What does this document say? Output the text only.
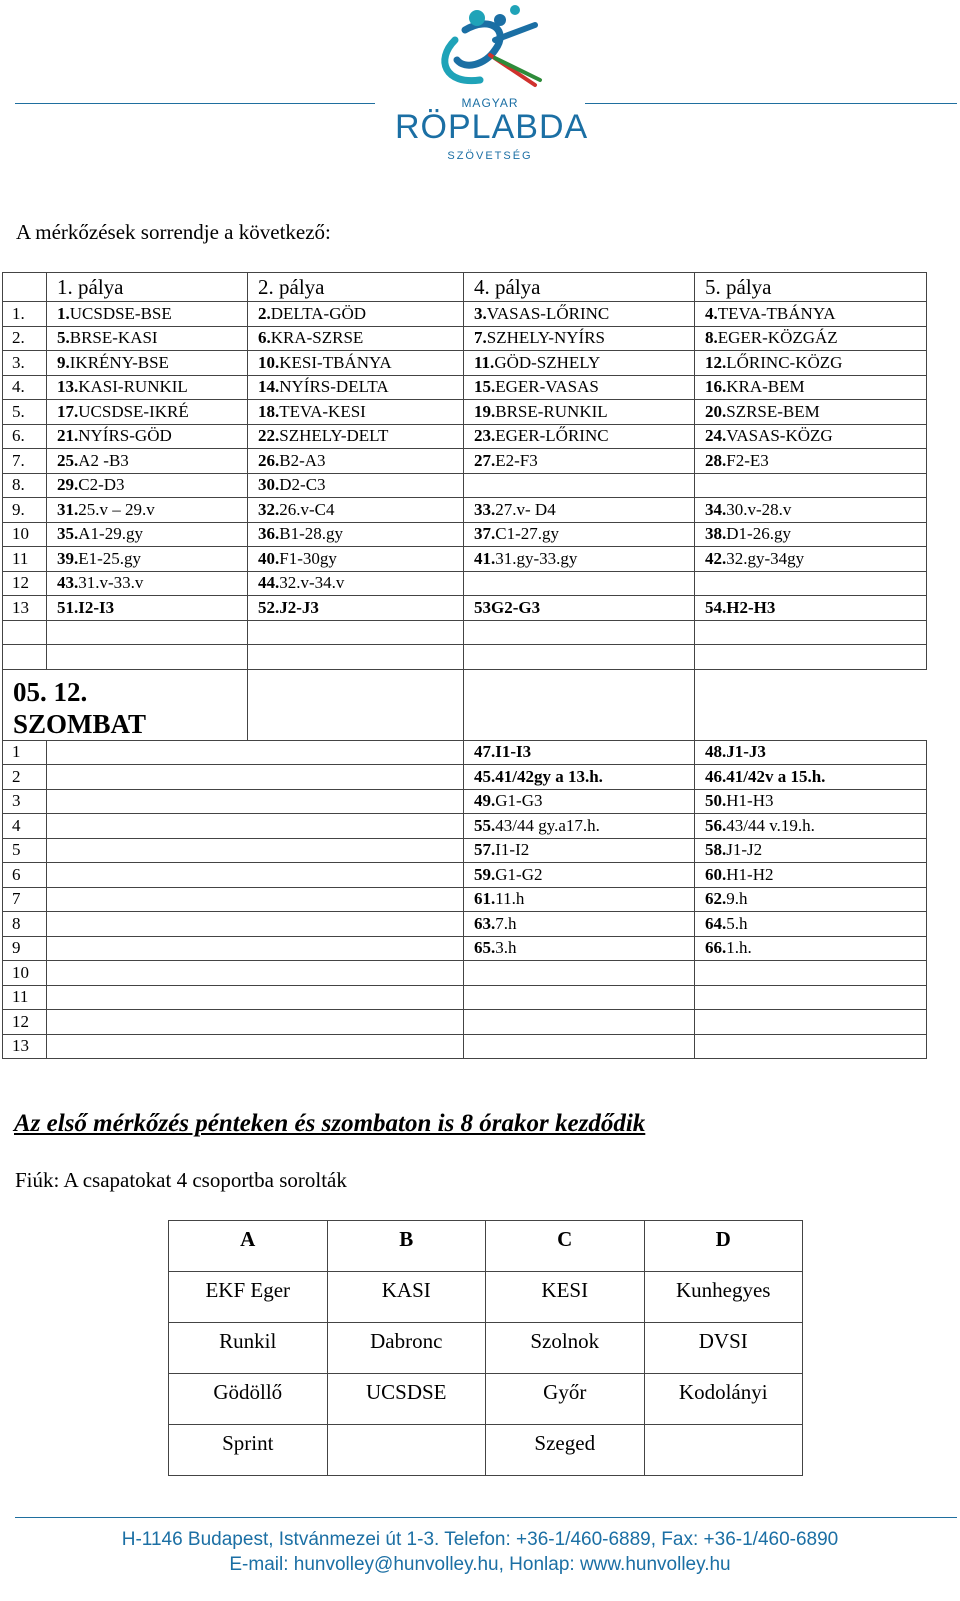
MAGYAR
RÖPLABDA
SZÖVETSÉG
A mérkőzések sorrendje a következő:
	1. pálya	2. pálya	4. pálya	5. pálya
1.	1.UCSDSE-BSE	2.DELTA-GÖD	3.VASAS-LŐRINC	4.TEVA-TBÁNYA
2.	5.BRSE-KASI	6.KRA-SZRSE	7.SZHELY-NYÍRS	8.EGER-KÖZGÁZ
3.	9.IKRÉNY-BSE	10.KESI-TBÁNYA	11.GÖD-SZHELY	12.LŐRINC-KÖZG
4.	13.KASI-RUNKIL	14.NYÍRS-DELTA	15.EGER-VASAS	16.KRA-BEM
5.	17.UCSDSE-IKRÉ	18.TEVA-KESI	19.BRSE-RUNKIL	20.SZRSE-BEM
6.	21.NYÍRS-GÖD	22.SZHELY-DELT	23.EGER-LŐRINC	24.VASAS-KÖZG
7.	25.A2 -B3	26.B2-A3	27.E2-F3	28.F2-E3
8.	29.C2-D3	30.D2-C3		
9.	31.25.v – 29.v	32.26.v-C4	33.27.v- D4	34.30.v-28.v
10	35.A1-29.gy	36.B1-28.gy	37.C1-27.gy	38.D1-26.gy
11	39.E1-25.gy	40.F1-30gy	41.31.gy-33.gy	42.32.gy-34gy
12	43.31.v-33.v	44.32.v-34.v		
13	51.I2-I3	52.J2-J3	53G2-G3	54.H2-H3

05. 12.
SZOMBAT				

1			47.I1-I3	48.J1-J3
2			45.41/42gy a 13.h.	46.41/42v a 15.h.
3			49.G1-G3	50.H1-H3
4			55.43/44 gy.a17.h.	56.43/44 v.19.h.
5			57.I1-I2	58.J1-J2
6			59.G1-G2	60.H1-H2
7			61.11.h	62.9.h
8			63.7.h	64.5.h
9			65.3.h	66.1.h.
10				
11				
12				
13				
Az első mérkőzés pénteken és szombaton is 8 órakor kezdődik
Fiúk: A csapatokat 4 csoportba sorolták
A	B	C	D
EKF Eger	KASI	KESI	Kunhegyes
Runkil	Dabronc	Szolnok	DVSI
Gödöllő	UCSDSE	Győr	Kodolányi
Sprint		Szeged	
H-1146 Budapest, Istvánmezei út 1-3. Telefon: +36-1/460-6889, Fax: +36-1/460-6890
E-mail: hunvolley@hunvolley.hu, Honlap: www.hunvolley.hu
